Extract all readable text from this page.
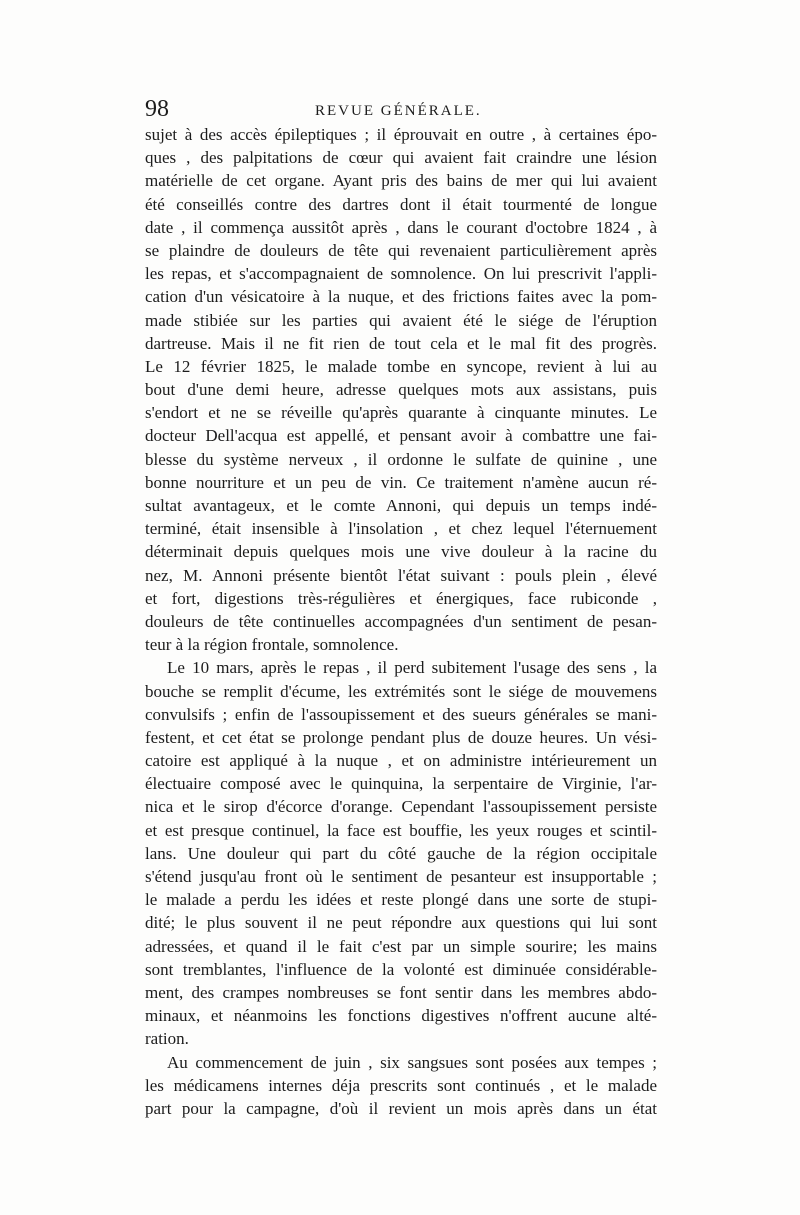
98	REVUE GÉNÉRALE.
sujet à des accès épileptiques ; il éprouvait en outre , à certaines épo-
ques , des palpitations de cœur qui avaient fait craindre une lésion
matérielle de cet organe. Ayant pris des bains de mer qui lui avaient
été conseillés contre des dartres dont il était tourmenté de longue
date , il commença aussitôt après , dans le courant d'octobre 1824 , à
se plaindre de douleurs de tête qui revenaient particulièrement après
les repas, et s'accompagnaient de somnolence. On lui prescrivit l'appli-
cation d'un vésicatoire à la nuque, et des frictions faites avec la pom-
made stibiée sur les parties qui avaient été le siége de l'éruption
dartreuse. Mais il ne fit rien de tout cela et le mal fit des progrès.
Le 12 février 1825, le malade tombe en syncope, revient à lui au
bout d'une demi heure, adresse quelques mots aux assistans, puis
s'endort et ne se réveille qu'après quarante à cinquante minutes. Le
docteur Dell'acqua est appellé, et pensant avoir à combattre une fai-
blesse du système nerveux , il ordonne le sulfate de quinine , une
bonne nourriture et un peu de vin. Ce traitement n'amène aucun ré-
sultat avantageux, et le comte Annoni, qui depuis un temps indé-
terminé, était insensible à l'insolation , et chez lequel l'éternuement
déterminait depuis quelques mois une vive douleur à la racine du
nez, M. Annoni présente bientôt l'état suivant : pouls plein , élevé
et fort, digestions très-régulières et énergiques, face rubiconde ,
douleurs de tête continuelles accompagnées d'un sentiment de pesan-
teur à la région frontale, somnolence.
Le 10 mars, après le repas , il perd subitement l'usage des sens , la
bouche se remplit d'écume, les extrémités sont le siége de mouvemens
convulsifs ; enfin de l'assoupissement et des sueurs générales se mani-
festent, et cet état se prolonge pendant plus de douze heures. Un vési-
catoire est appliqué à la nuque , et on administre intérieurement un
électuaire composé avec le quinquina, la serpentaire de Virginie, l'ar-
nica et le sirop d'écorce d'orange. Cependant l'assoupissement persiste
et est presque continuel, la face est bouffie, les yeux rouges et scintil-
lans. Une douleur qui part du côté gauche de la région occipitale
s'étend jusqu'au front où le sentiment de pesanteur est insupportable ;
le malade a perdu les idées et reste plongé dans une sorte de stupi-
dité; le plus souvent il ne peut répondre aux questions qui lui sont
adressées, et quand il le fait c'est par un simple sourire; les mains
sont tremblantes, l'influence de la volonté est diminuée considérable-
ment, des crampes nombreuses se font sentir dans les membres abdo-
minaux, et néanmoins les fonctions digestives n'offrent aucune alté-
ration.
Au commencement de juin , six sangsues sont posées aux tempes ;
les médicamens internes déja prescrits sont continués , et le malade
part pour la campagne, d'où il revient un mois après dans un état
